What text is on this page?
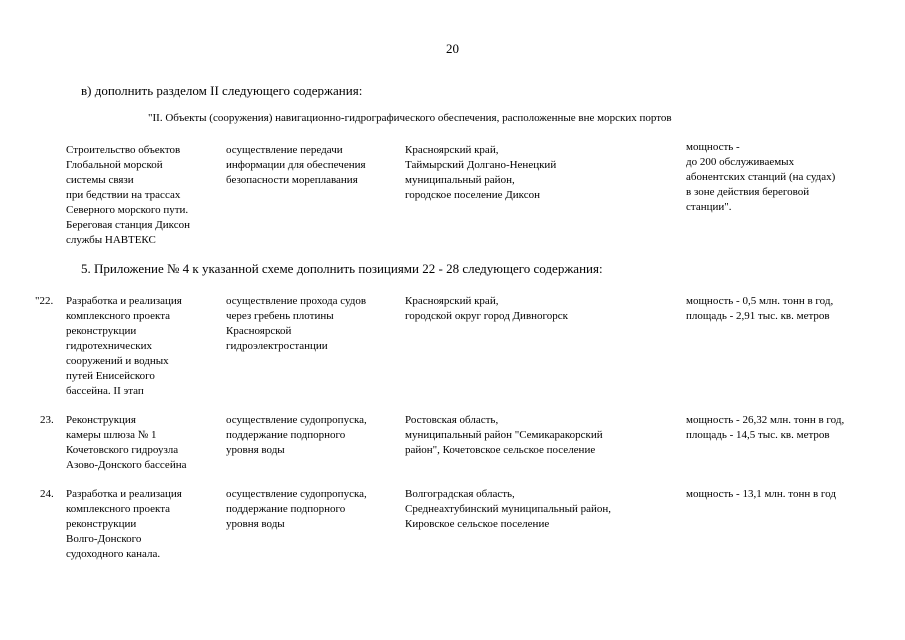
20
в) дополнить разделом II следующего содержания:
"II. Объекты (сооружения) навигационно-гидрографического обеспечения, расположенные вне морских портов
Строительство объектов
Глобальной морской
системы связи
при бедствии на трассах
Северного морского пути.
Береговая станция Диксон
службы НАВТЕКС
осуществление передачи
информации для обеспечения
безопасности мореплавания
Красноярский край,
Таймырский Долгано-Ненецкий
муниципальный район,
городское поселение Диксон
мощность -
до 200 обслуживаемых
абонентских станций (на судах)
в зоне действия береговой
станции".
5. Приложение № 4 к указанной схеме дополнить позициями 22 - 28 следующего содержания:
"22. Разработка и реализация
комплексного проекта
реконструкции
гидротехнических
сооружений и водных
путей Енисейского
бассейна. II этап
осуществление прохода судов
через гребень плотины
Красноярской
гидроэлектростанции
Красноярский край,
городской округ город Дивногорск
мощность - 0,5 млн. тонн в год,
площадь - 2,91 тыс. кв. метров
23. Реконструкция
камеры шлюза № 1
Кочетовского гидроузла
Азово-Донского бассейна
осуществление судопропуска,
поддержание подпорного
уровня воды
Ростовская область,
муниципальный район "Семикаракорский
район", Кочетовское сельское поселение
мощность - 26,32 млн. тонн в год,
площадь - 14,5 тыс. кв. метров
24. Разработка и реализация
комплексного проекта
реконструкции
Волго-Донского
судоходного канала.
осуществление судопропуска,
поддержание подпорного
уровня воды
Волгоградская область,
Среднеахтубинский муниципальный район,
Кировское сельское поселение
мощность - 13,1 млн. тонн в год
